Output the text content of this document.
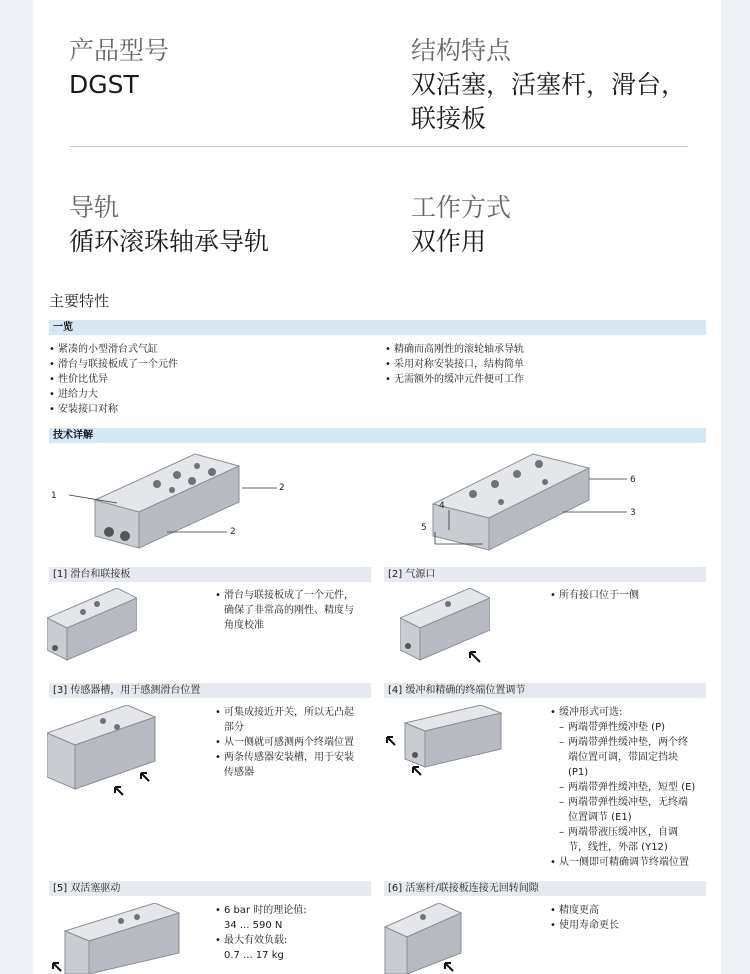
产品型号
DGST
结构特点
双活塞，活塞杆，滑台，
联接板
导轨
循环滚珠轴承导轨
工作方式
双作用
主要特性
一览
• 紧凑的小型滑台式气缸
• 滑台与联接板成了一个元件
• 性价比优异
• 进给力大
• 安装接口对称
• 精确而高刚性的滚轮轴承导轨
• 采用对称安装接口，结构简单
• 无需额外的缓冲元件便可工作
技术详解
1
2
2
6
4
5
3
[1] 滑台和联接板
• 滑台与联接板成了一个元件，
确保了非常高的刚性、精度与
角度校准
[2] 气源口
• 所有接口位于一侧
[3] 传感器槽，用于感测滑台位置
• 可集成接近开关，所以无凸起
部分
• 从一侧就可感测两个终端位置
• 两条传感器安装槽，用于安装
传感器
[4] 缓冲和精确的终端位置调节
• 缓冲形式可选:
– 两端带弹性缓冲垫 (P)
– 两端带弹性缓冲垫，两个终
端位置可调，带固定挡块
(P1)
– 两端带弹性缓冲垫，短型 (E)
– 两端带弹性缓冲垫，无终端
位置调节 (E1)
– 两端带液压缓冲区，自调
节，线性，外部 (Y12)
• 从一侧即可精确调节终端位置
[5] 双活塞驱动
• 6 bar 时的理论值:
34 ... 590 N
• 最大有效负载:
0.7 ... 17 kg
[6] 活塞杆/联接板连接无回转间隙
• 精度更高
• 使用寿命更长
